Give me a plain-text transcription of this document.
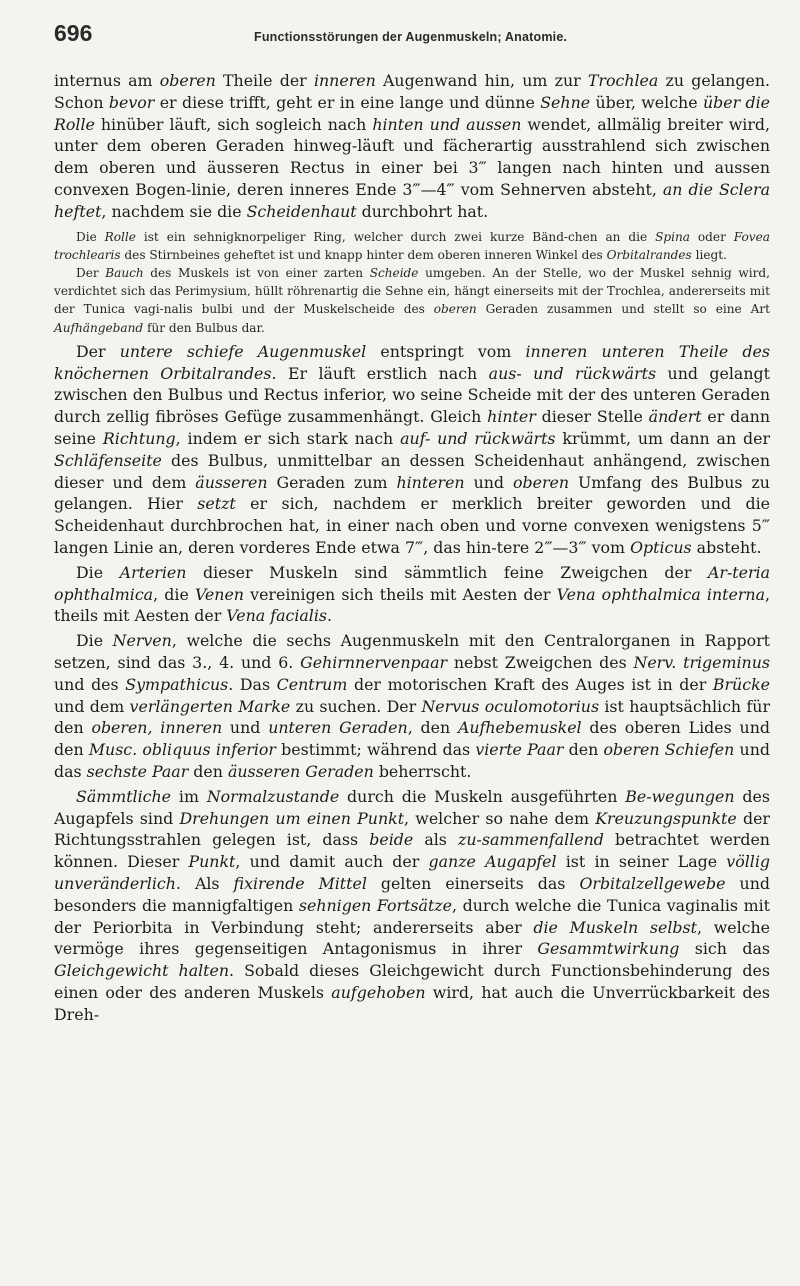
696	Functionsstörungen der Augenmuskeln; Anatomie.

internus am oberen Theile der inneren Augenwand hin, um zur Trochlea zu gelangen. Schon bevor er diese trifft, geht er in eine lange und dünne Sehne über, welche über die Rolle hinüber läuft, sich sogleich nach hinten und aussen wendet, allmälig breiter wird, unter dem oberen Geraden hinweg-läuft und fächerartig ausstrahlend sich zwischen dem oberen und äusseren Rectus in einer bei 3‴ langen nach hinten und aussen convexen Bogen-linie, deren inneres Ende 3‴—4‴ vom Sehnerven absteht, an die Sclera heftet, nachdem sie die Scheidenhaut durchbohrt hat.

Die Rolle ist ein sehnigknorpeliger Ring, welcher durch zwei kurze Bänd-chen an die Spina oder Fovea trochlearis des Stirnbeines geheftet ist und knapp hinter dem oberen inneren Winkel des Orbitalrandes liegt.

Der Bauch des Muskels ist von einer zarten Scheide umgeben. An der Stelle, wo der Muskel sehnig wird, verdichtet sich das Perimysium, hüllt röhrenartig die Sehne ein, hängt einerseits mit der Trochlea, andererseits mit der Tunica vagi-nalis bulbi und der Muskelscheide des oberen Geraden zusammen und stellt so eine Art Aufhängeband für den Bulbus dar.

Der untere schiefe Augenmuskel entspringt vom inneren unteren Theile des knöchernen Orbitalrandes. Er läuft erstlich nach aus- und rückwärts und gelangt zwischen den Bulbus und Rectus inferior, wo seine Scheide mit der des unteren Geraden durch zellig fibröses Gefüge zusammenhängt. Gleich hinter dieser Stelle ändert er dann seine Richtung, indem er sich stark nach auf- und rückwärts krümmt, um dann an der Schläfenseite des Bulbus, unmittelbar an dessen Scheidenhaut anhängend, zwischen dieser und dem äusseren Geraden zum hinteren und oberen Umfang des Bulbus zu gelangen. Hier setzt er sich, nachdem er merklich breiter geworden und die Scheidenhaut durchbrochen hat, in einer nach oben und vorne convexen wenigstens 5‴ langen Linie an, deren vorderes Ende etwa 7‴, das hin-tere 2‴—3‴ vom Opticus absteht.

Die Arterien dieser Muskeln sind sämmtlich feine Zweigchen der Ar-teria ophthalmica, die Venen vereinigen sich theils mit Aesten der Vena ophthalmica interna, theils mit Aesten der Vena facialis.

Die Nerven, welche die sechs Augenmuskeln mit den Centralorganen in Rapport setzen, sind das 3., 4. und 6. Gehirnnervenpaar nebst Zweigchen des Nerv. trigeminus und des Sympathicus. Das Centrum der motorischen Kraft des Auges ist in der Brücke und dem verlängerten Marke zu suchen. Der Nervus oculomotorius ist hauptsächlich für den oberen, inneren und unteren Geraden, den Aufhebemuskel des oberen Lides und den Musc. obliquus inferior bestimmt; während das vierte Paar den oberen Schiefen und das sechste Paar den äusseren Geraden beherrscht.

Sämmtliche im Normalzustande durch die Muskeln ausgeführten Be-wegungen des Augapfels sind Drehungen um einen Punkt, welcher so nahe dem Kreuzungspunkte der Richtungsstrahlen gelegen ist, dass beide als zu-sammenfallend betrachtet werden können. Dieser Punkt, und damit auch der ganze Augapfel ist in seiner Lage völlig unveränderlich. Als fixirende Mittel gelten einerseits das Orbitalzellgewebe und besonders die mannigfaltigen sehnigen Fortsätze, durch welche die Tunica vaginalis mit der Periorbita in Verbindung steht; andererseits aber die Muskeln selbst, welche vermöge ihres gegenseitigen Antagonismus in ihrer Gesammtwirkung sich das Gleichgewicht halten. Sobald dieses Gleichgewicht durch Functionsbehinderung des einen oder des anderen Muskels aufgehoben wird, hat auch die Unverrückbarkeit des Dreh-
